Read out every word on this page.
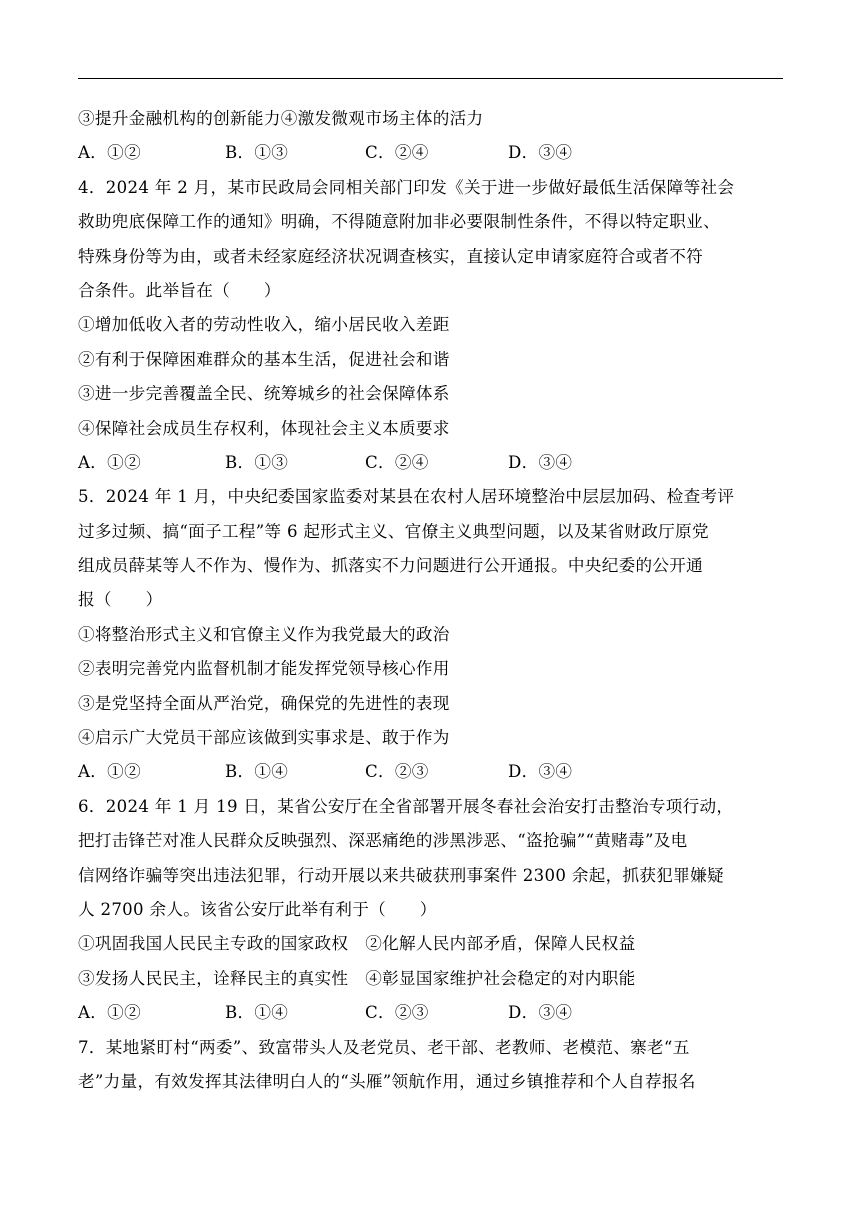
③提升金融机构的创新能力④激发微观市场主体的活力
A．①②	B．①③	C．②④	D．③④
4．2024 年 2 月，某市民政局会同相关部门印发《关于进一步做好最低生活保障等社会
救助兜底保障工作的通知》明确，不得随意附加非必要限制性条件，不得以特定职业、
特殊身份等为由，或者未经家庭经济状况调查核实，直接认定申请家庭符合或者不符
合条件。此举旨在（　　）
①增加低收入者的劳动性收入，缩小居民收入差距
②有利于保障困难群众的基本生活，促进社会和谐
③进一步完善覆盖全民、统筹城乡的社会保障体系
④保障社会成员生存权利，体现社会主义本质要求
A．①②	B．①③	C．②④	D．③④
5．2024 年 1 月，中央纪委国家监委对某县在农村人居环境整治中层层加码、检查考评
过多过频、搞“面子工程”等 6 起形式主义、官僚主义典型问题，以及某省财政厅原党
组成员薛某等人不作为、慢作为、抓落实不力问题进行公开通报。中央纪委的公开通
报（　　）
①将整治形式主义和官僚主义作为我党最大的政治
②表明完善党内监督机制才能发挥党领导核心作用
③是党坚持全面从严治党，确保党的先进性的表现
④启示广大党员干部应该做到实事求是、敢于作为
A．①②	B．①④	C．②③	D．③④
6．2024 年 1 月 19 日，某省公安厅在全省部署开展冬春社会治安打击整治专项行动，
把打击锋芒对准人民群众反映强烈、深恶痛绝的涉黑涉恶、“盗抢骗”“黄赌毒”及电
信网络诈骗等突出违法犯罪，行动开展以来共破获刑事案件 2300 余起，抓获犯罪嫌疑
人 2700 余人。该省公安厅此举有利于（　　）
①巩固我国人民民主专政的国家政权　②化解人民内部矛盾，保障人民权益
③发扬人民民主，诠释民主的真实性　④彰显国家维护社会稳定的对内职能
A．①②	B．①④	C．②③	D．③④
7．某地紧盯村“两委”、致富带头人及老党员、老干部、老教师、老模范、寨老“五
老”力量，有效发挥其法律明白人的“头雁”领航作用，通过乡镇推荐和个人自荐报名
